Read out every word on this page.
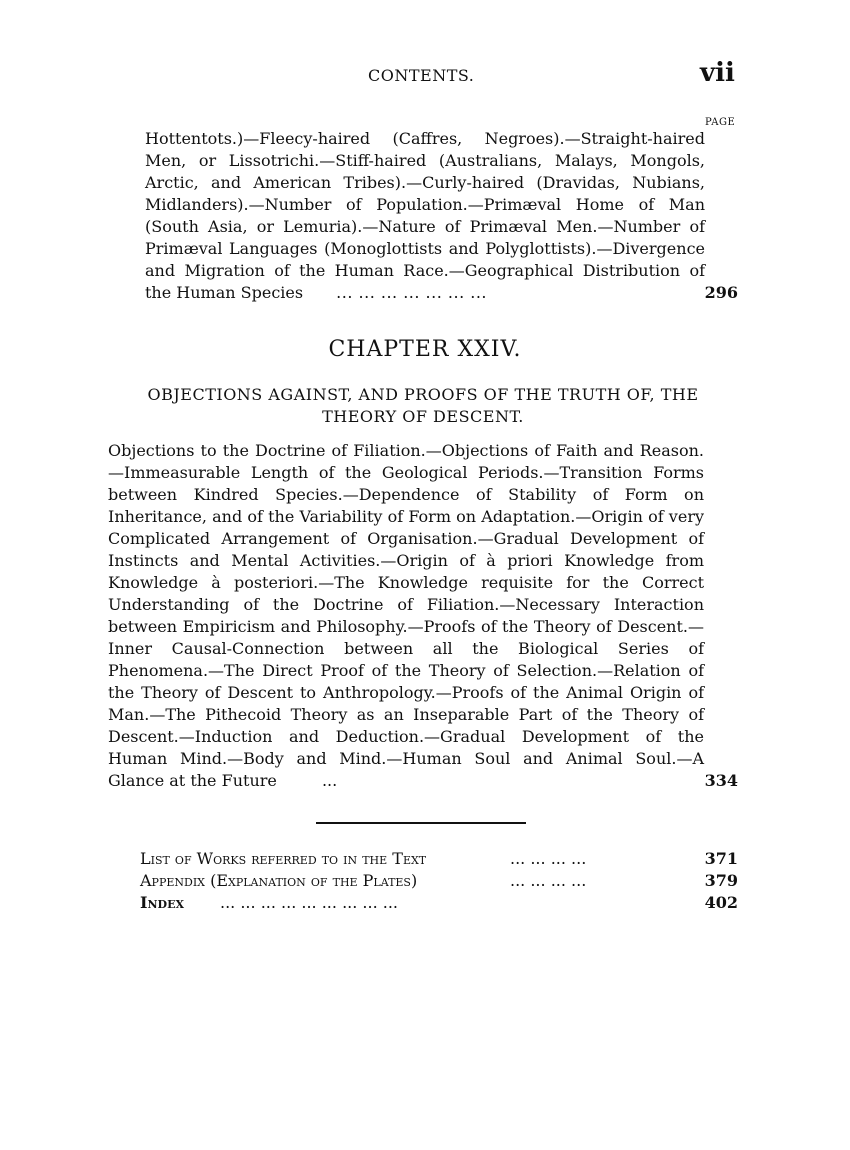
CONTENTS.	vii
PAGE
Hottentots.)—Fleecy-haired (Caffres, Negroes).—Straight-haired Men, or Lissotrichi.—Stiff-haired (Australians, Malays, Mongols, Arctic, and American Tribes).—Curly-haired (Dravidas, Nubians, Midlanders).—Number of Population.—Primæval Home of Man (South Asia, or Lemuria).—Nature of Primæval Men.—Number of Primæval Languages (Monoglottists and Polyglottists).—Divergence and Migration of the Human Race.—Geographical Distribution of the Human Species ... ... ... ... ... ... ...	296
CHAPTER XXIV.
OBJECTIONS AGAINST, AND PROOFS OF THE TRUTH OF, THE THEORY OF DESCENT.
Objections to the Doctrine of Filiation.—Objections of Faith and Reason.—Immeasurable Length of the Geological Periods.—Transition Forms between Kindred Species.—Dependence of Stability of Form on Inheritance, and of the Variability of Form on Adaptation.—Origin of very Complicated Arrangement of Organisation.—Gradual Development of Instincts and Mental Activities.—Origin of à priori Knowledge from Knowledge à posteriori.—The Knowledge requisite for the Correct Understanding of the Doctrine of Filiation.—Necessary Interaction between Empiricism and Philosophy.—Proofs of the Theory of Descent.—Inner Causal-Connection between all the Biological Series of Phenomena.—The Direct Proof of the Theory of Selection.—Relation of the Theory of Descent to Anthropology.—Proofs of the Animal Origin of Man.—The Pithecoid Theory as an Inseparable Part of the Theory of Descent.—Induction and Deduction.—Gradual Development of the Human Mind.—Body and Mind.—Human Soul and Animal Soul.—A Glance at the Future	...	334
List of Works referred to in the Text	... ... ... ...	371
Appendix (Explanation of the Plates)	... ... ... ...	379
Index ... ... ... ... ... ... ... ... ...	402
